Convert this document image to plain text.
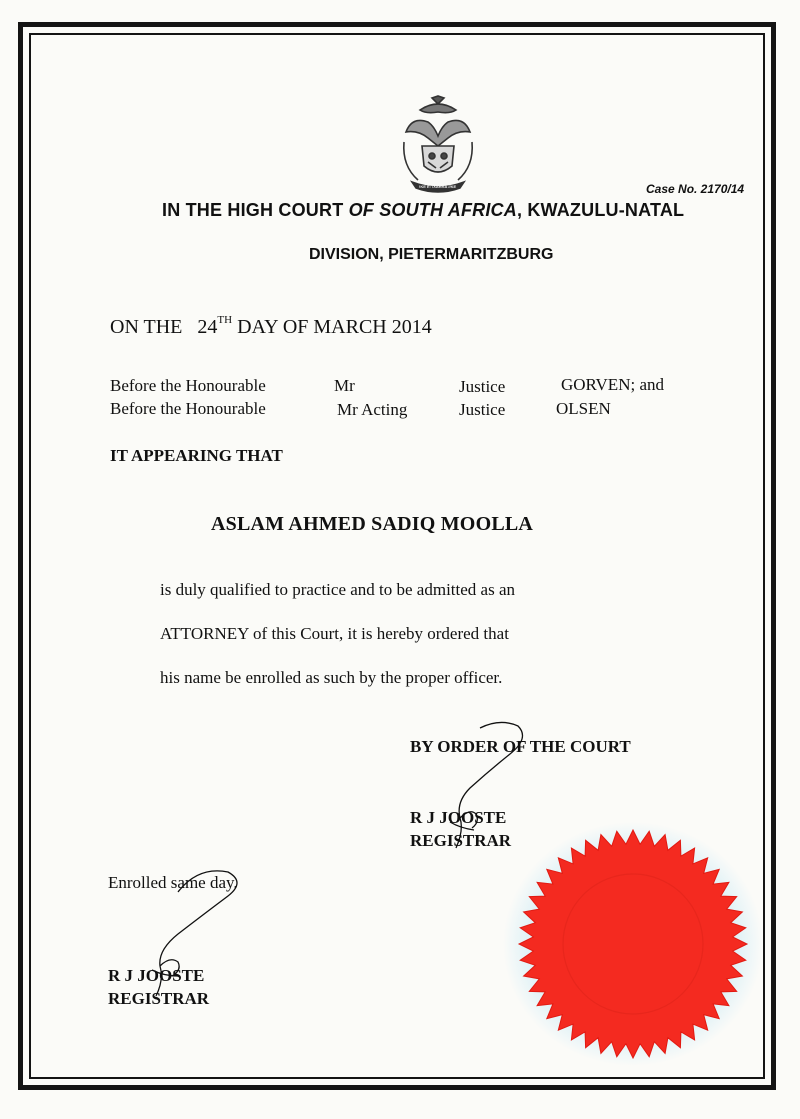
!KE E: /XARRA //KE	Case No. 2170/14
IN THE HIGH COURT OF SOUTH AFRICA, KWAZULU-NATAL
DIVISION, PIETERMARITZBURG
ON THE 24TH DAY OF MARCH 2014
Before the Honourable	Mr	Justice	GORVEN; and
Before the Honourable	Mr Acting	Justice	OLSEN
IT APPEARING THAT
ASLAM AHMED SADIQ MOOLLA
is duly qualified to practice and to be admitted as an
ATTORNEY of this Court, it is hereby ordered that
his name be enrolled as such by the proper officer.
BY ORDER OF THE COURT
R J JOOSTE
REGISTRAR
Enrolled same day.
R J JOOSTE
REGISTRAR
